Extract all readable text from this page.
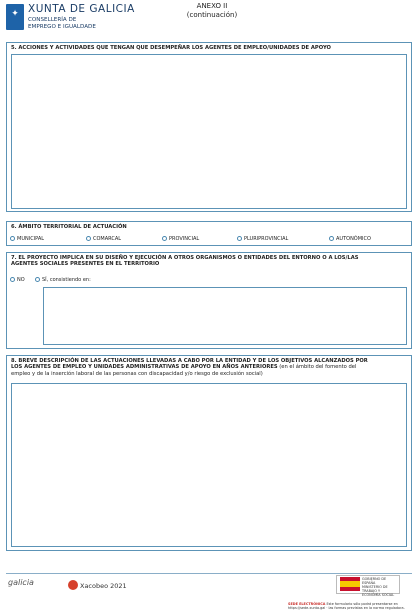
✦ XUNTA DE GALICIA
CONSELLERÍA DE
EMPREGO E IGUALDADE
ANEXO II
(continuación)
5. ACCIONES Y ACTIVIDADES QUE TENGAN QUE DESEMPEÑAR LOS AGENTES DE EMPLEO/UNIDADES DE APOYO
6. ÁMBITO TERRITORIAL DE ACTUACIÓN
MUNICIPAL	COMARCAL	PROVINCIAL	PLURIPROVINCIAL	AUTONÓMICO
7. EL PROYECTO IMPLICA EN SU DISEÑO Y EJECUCIÓN A OTROS ORGANISMOS O ENTIDADES DEL ENTORNO O A LOS/LAS
AGENTES SOCIALES PRESENTES EN EL TERRITORIO
NO	SÍ, consistiendo en:
8. BREVE DESCRIPCIÓN DE LAS ACTUACIONES LLEVADAS A CABO POR LA ENTIDAD Y DE LOS OBJETIVOS ALCANZADOS POR
LOS AGENTES DE EMPLEO Y UNIDADES ADMINISTRATIVAS DE APOYO EN AÑOS ANTERIORES (en el ámbito del fomento del
empleo y de la inserción laboral de las personas con discapacidad y/o riesgo de exclusión social)
galicia	Xacobeo 2021
GOBIERNO DE ESPAÑA MINISTERIO DE TRABAJO Y ECONOMÍA SOCIAL
SEDE ELECTRÓNICA Este formulario sólo podrá presentarse en https://sede.xunta.gal · las formas previstas en la norma reguladora.
